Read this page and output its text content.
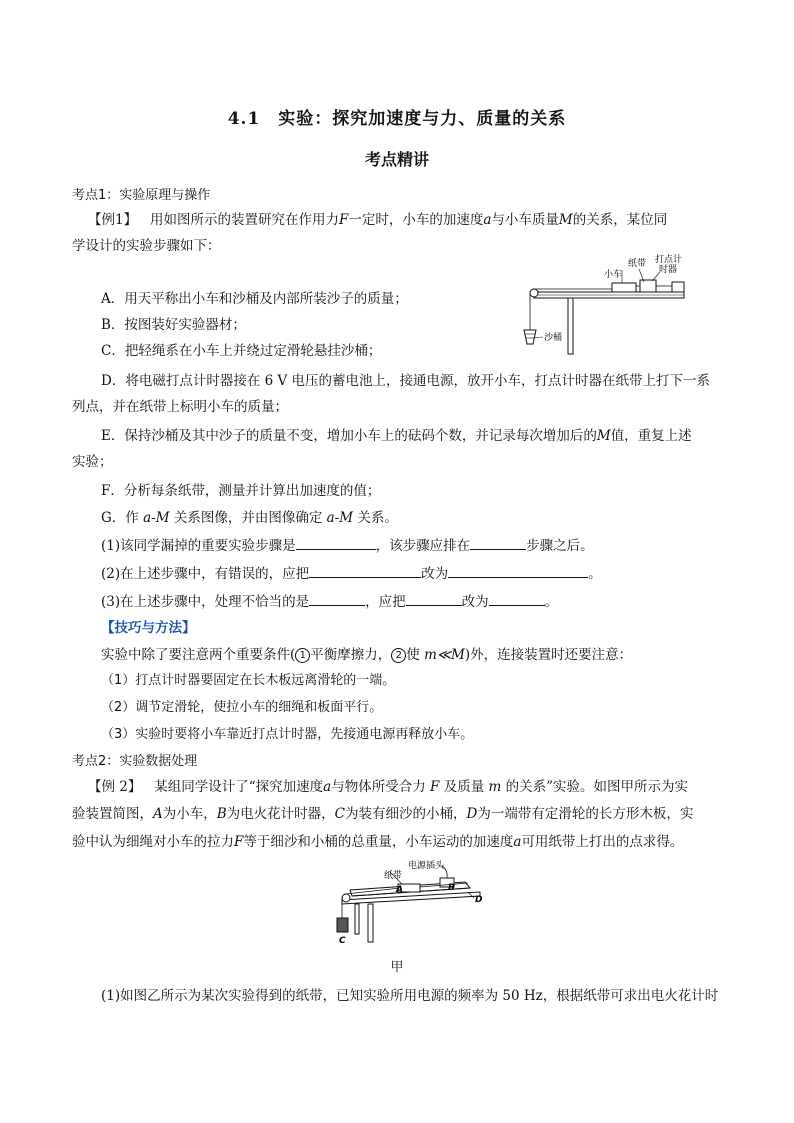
4.1　实验：探究加速度与力、质量的关系
考点精讲
考点1：实验原理与操作
【例1】 用如图所示的装置研究在作用力F一定时，小车的加速度a与小车质量M的关系，某位同
学设计的实验步骤如下：
A．用天平称出小车和沙桶及内部所装沙子的质量；
B．按图装好实验器材；
C．把轻绳系在小车上并绕过定滑轮悬挂沙桶；
D．将电磁打点计时器接在 6 V 电压的蓄电池上，接通电源，放开小车，打点计时器在纸带上打下一系
列点，并在纸带上标明小车的质量；
E．保持沙桶及其中沙子的质量不变，增加小车上的砝码个数，并记录每次增加后的M值，重复上述
实验；
F．分析每条纸带，测量并计算出加速度的值；
G．作 a-M 关系图像，并由图像确定 a-M 关系。
(1)该同学漏掉的重要实验步骤是	，该步骤应排在	步骤之后。
(2)在上述步骤中，有错误的，应把	改为	。
(3)在上述步骤中，处理不恰当的是	，应把	改为	。
纸带 打点计
时器
小车
沙桶
【技巧与方法】
实验中除了要注意两个重要条件( 1 平衡摩擦力， 2 使 m≪M)外，连接装置时还要注意：
（1）打点计时器要固定在长木板远离滑轮的一端。
（2）调节定滑轮，使拉小车的细绳和板面平行。
（3）实验时要将小车靠近打点计时器，先接通电源再释放小车。
考点2：实验数据处理
【例 2】 某组同学设计了“探究加速度a与物体所受合力 F 及质量 m 的关系”实验。如图甲所示为实
验装置简图，A为小车，B为电火花计时器，C为装有细沙的小桶，D为一端带有定滑轮的长方形木板，实
验中认为细绳对小车的拉力F等于细沙和小桶的总重量，小车运动的加速度a可用纸带上打出的点求得。
电源插头
纸带
A	B
D
C
甲
(1)如图乙所示为某次实验得到的纸带，已知实验所用电源的频率为 50 Hz，根据纸带可求出电火花计时
